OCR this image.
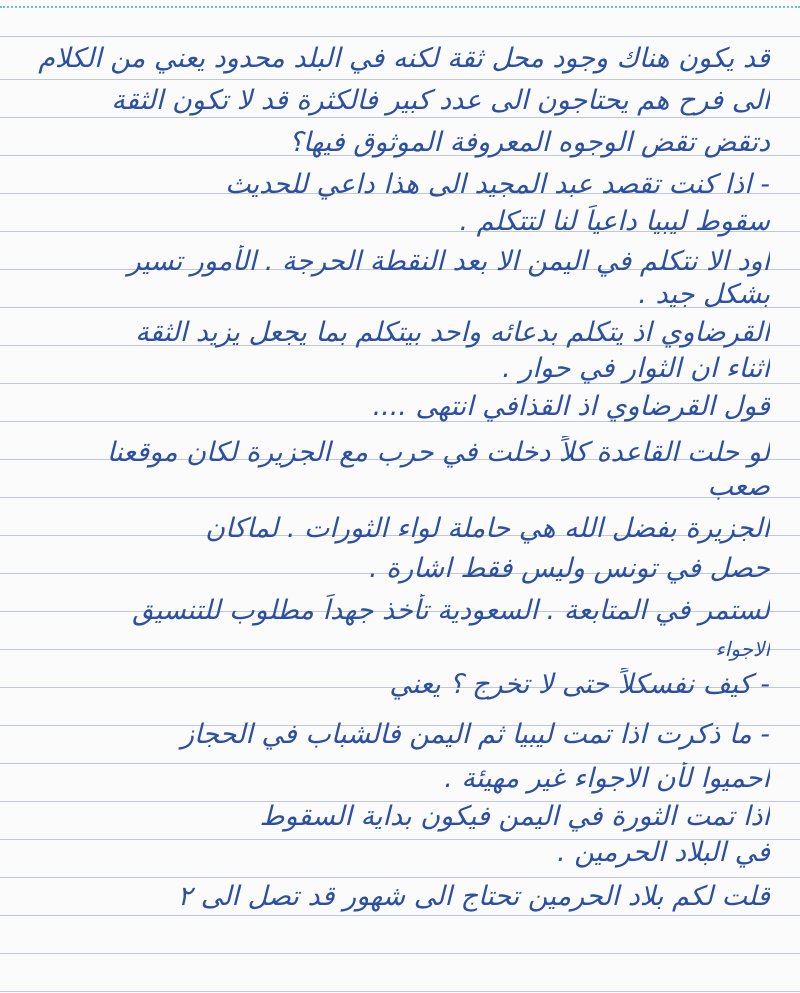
قد يكون هناك وجود محل ثقة لكنه في البلد محدود يعني من الكلام
الى فرح هم يحتاجون الى عدد كبير فالكثرة قد لا تكون الثقة
دتقض تقض الوجوه المعروفة الموثوق فيها؟
- اذا كنت تقصد عبد المجيد الى هذا داعي للحديث
سقوط ليبيا داعياً لنا لتتكلم .
اود الا نتكلم في اليمن الا بعد النقطة الحرجة . الأمور تسير
بشكل جيد .
القرضاوي اذ يتكلم بدعائه واحد بيتكلم بما يجعل يزيد الثقة
اثناء ان الثوار في حوار .
قول القرضاوي اذ القذافي انتهى ....
لو حلت القاعدة كلاً دخلت في حرب مع الجزيرة لكان موقعنا
صعب
الجزيرة بفضل الله هي حاملة لواء الثورات . لماكان
حصل في تونس وليس فقط اشارة .
لستمر في المتابعة . السعودية تأخذ جهداً مطلوب للتنسيق
الاجواء
- كيف نفسكلاً حتى لا تخرج ؟ يعني
- ما ذكرت اذا تمت ليبيا ثم اليمن فالشباب في الحجاز
احميوا لأن الاجواء غير مهيئة .
اذا تمت الثورة في اليمن فيكون بداية السقوط
في البلاد الحرمين .
قلت لكم بلاد الحرمين تحتاج الى شهور قد تصل الى ٢
